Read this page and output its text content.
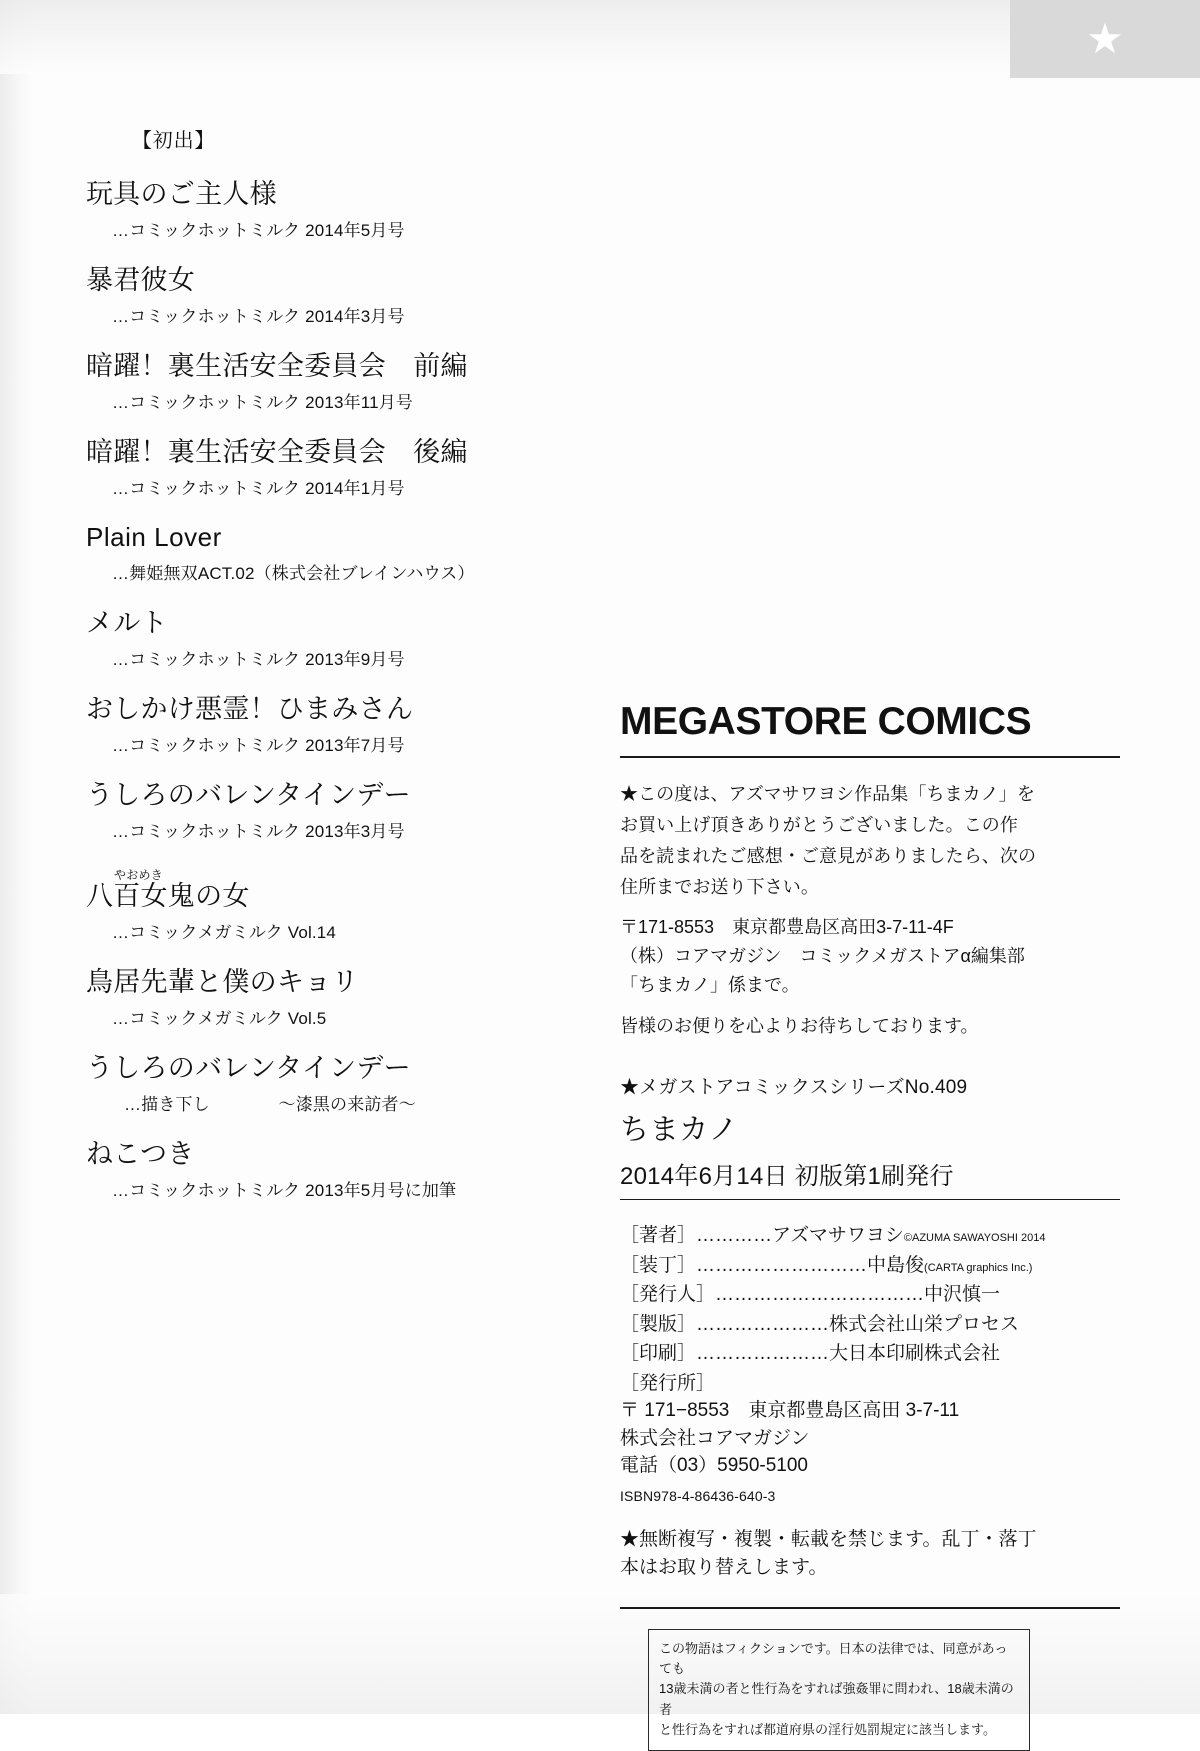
★
【初出】
玩具のご主人様
…コミックホットミルク 2014年5月号
暴君彼女
…コミックホットミルク 2014年3月号
暗躍！裏生活安全委員会　前編
…コミックホットミルク 2013年11月号
暗躍！裏生活安全委員会　後編
…コミックホットミルク 2014年1月号
Plain Lover
…舞姫無双ACT.02（株式会社ブレインハウス）
メルト
…コミックホットミルク 2013年9月号
おしかけ悪霊！ひまみさん
…コミックホットミルク 2013年7月号
うしろのバレンタインデー
…コミックホットミルク 2013年3月号
やおめき
八百女鬼の女
…コミックメガミルク Vol.14
鳥居先輩と僕のキョリ
…コミックメガミルク Vol.5
うしろのバレンタインデー
…描き下し　　　　〜漆黒の来訪者〜
ねこつき
…コミックホットミルク 2013年5月号に加筆
MEGASTORE COMICS

★この度は、アズマサワヨシ作品集「ちまカノ」を

お買い上げ頂きありがとうございました。この作

品を読まれたご感想・ご意見がありましたら、次の

住所までお送り下さい。

〒171-8553　東京都豊島区高田3-7-11-4F

（株）コアマガジン　コミックメガストアα編集部

「ちまカノ」係まで。

皆様のお便りを心よりお待ちしております。
★メガストアコミックスシリーズNo.409
ちまカノ
2014年6月14日 初版第1刷発行
［著者］…………アズマサワヨシ©AZUMA SAWAYOSHI 2014
［装丁］………………………中島俊(CARTA graphics Inc.)
［発行人］……………………………中沢慎一
［製版］…………………株式会社山栄プロセス
［印刷］…………………大日本印刷株式会社

［発行所］

〒 171−8553　東京都豊島区高田 3-7-11

株式会社コアマガジン

電話（03）5950-5100

ISBN978-4-86436-640-3

★無断複写・複製・転載を禁じます。乱丁・落丁

本はお取り替えします。

この物語はフィクションです。日本の法律では、同意があっても

13歳未満の者と性行為をすれば強姦罪に問われ、18歳未満の者

と性行為をすれば都道府県の淫行処罰規定に該当します。
